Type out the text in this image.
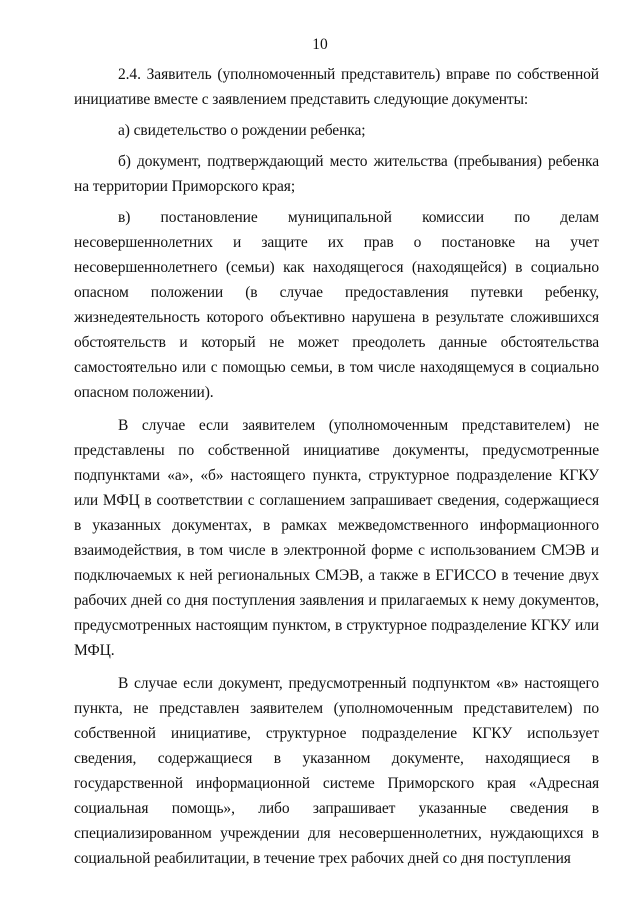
10

2.4. Заявитель (уполномоченный представитель) вправе по собственной инициативе вместе с заявлением представить следующие документы:

а) свидетельство о рождении ребенка;

б) документ, подтверждающий место жительства (пребывания) ребенка на территории Приморского края;

в) постановление муниципальной комиссии по делам несовершеннолетних и защите их прав о постановке на учет несовершеннолетнего (семьи) как находящегося (находящейся) в социально опасном положении (в случае предоставления путевки ребенку, жизнедеятельность которого объективно нарушена в результате сложившихся обстоятельств и который не может преодолеть данные обстоятельства самостоятельно или с помощью семьи, в том числе находящемуся в социально опасном положении).

В случае если заявителем (уполномоченным представителем) не представлены по собственной инициативе документы, предусмотренные подпунктами «а», «б» настоящего пункта, структурное подразделение КГКУ или МФЦ в соответствии с соглашением запрашивает сведения, содержащиеся в указанных документах, в рамках межведомственного информационного взаимодействия, в том числе в электронной форме с использованием СМЭВ и подключаемых к ней региональных СМЭВ, а также в ЕГИССО в течение двух рабочих дней со дня поступления заявления и прилагаемых к нему документов, предусмотренных настоящим пунктом, в структурное подразделение КГКУ или МФЦ.

В случае если документ, предусмотренный подпунктом «в» настоящего пункта, не представлен заявителем (уполномоченным представителем) по собственной инициативе, структурное подразделение КГКУ использует сведения, содержащиеся в указанном документе, находящиеся в государственной информационной системе Приморского края «Адресная социальная помощь», либо запрашивает указанные сведения в специализированном учреждении для несовершеннолетних, нуждающихся в социальной реабилитации, в течение трех рабочих дней со дня поступления
